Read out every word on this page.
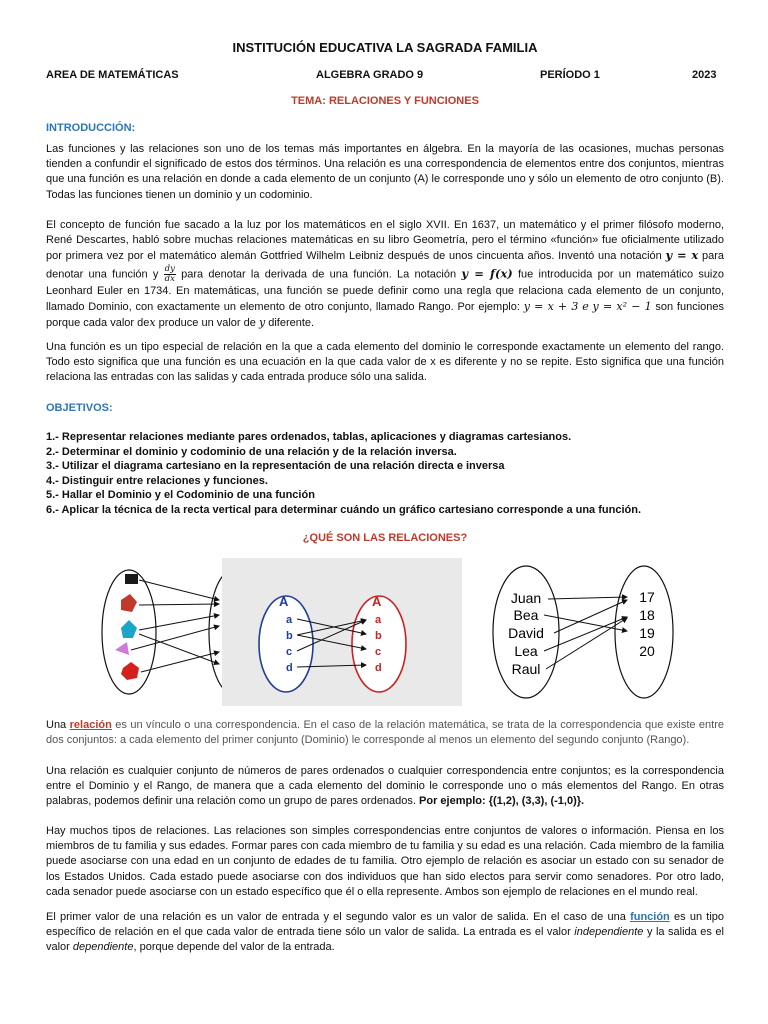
INSTITUCIÓN EDUCATIVA LA SAGRADA FAMILIA
AREA DE MATEMÁTICAS	ALGEBRA GRADO 9	PERÍODO 1	2023
TEMA: RELACIONES Y FUNCIONES
INTRODUCCIÓN:

Las funciones y las relaciones son uno de los temas más importantes en álgebra. En la mayoría de las ocasiones, muchas personas tienden a confundir el significado de estos dos términos. Una relación es una correspondencia de elementos entre dos conjuntos, mientras que una función es una relación en donde a cada elemento de un conjunto (A) le corresponde uno y sólo un elemento de otro conjunto (B). Todas las funciones tienen un dominio y un codominio.

El concepto de función fue sacado a la luz por los matemáticos en el siglo XVII. En 1637, un matemático y el primer filósofo moderno, René Descartes, habló sobre muchas relaciones matemáticas en su libro Geometría, pero el término «función» fue oficialmente utilizado por primera vez por el matemático alemán Gottfried Wilhelm Leibniz después de unos cincuenta años. Inventó una notación y = x para denotar una función y $\frac{dy}{dx}$ para denotar la derivada de una función. La notación y = f(x) fue introducida por un matemático suizo Leonhard Euler en 1734. En matemáticas, una función se puede definir como una regla que relaciona cada elemento de un conjunto, llamado Dominio, con exactamente un elemento de otro conjunto, llamado Rango. Por ejemplo: y = x + 3 e y = x² − 1 son funciones porque cada valor dex produce un valor de y diferente.

Una función es un tipo especial de relación en la que a cada elemento del dominio le corresponde exactamente un elemento del rango. Todo esto significa que una función es una ecuación en la que cada valor de x es diferente y no se repite. Esto significa que una función relaciona las entradas con las salidas y cada entrada produce sólo una salida.

OBJETIVOS:
1.- Representar relaciones mediante pares ordenados, tablas, aplicaciones y diagramas cartesianos.
2.- Determinar el dominio y codominio de una relación y de la relación inversa.
3.- Utilizar el diagrama cartesiano en la representación de una relación directa e inversa
4.- Distinguir entre relaciones y funciones.
5.- Hallar el Dominio y el Codominio de una función
6.- Aplicar la técnica de la recta vertical para determinar cuándo un gráfico cartesiano corresponde a una función.
¿QUÉ SON LAS RELACIONES?
A	A
a
b
c
d
a
b
c
d
Juan
Bea
David
Lea
Raul
17
18
19
20

Una relación es un vínculo o una correspondencia. En el caso de la relación matemática, se trata de la correspondencia que existe entre dos conjuntos: a cada elemento del primer conjunto (Dominio) le corresponde al menos un elemento del segundo conjunto (Rango).

Una relación es cualquier conjunto de números de pares ordenados o cualquier correspondencia entre conjuntos; es la correspondencia entre el Dominio y el Rango, de manera que a cada elemento del dominio le corresponde uno o más elementos del Rango. En otras palabras, podemos definir una relación como un grupo de pares ordenados. Por ejemplo: {(1,2), (3,3), (-1,0)}.

Hay muchos tipos de relaciones. Las relaciones son simples correspondencias entre conjuntos de valores o información. Piensa en los miembros de tu familia y sus edades. Formar pares con cada miembro de tu familia y su edad es una relación. Cada miembro de la familia puede asociarse con una edad en un conjunto de edades de tu familia. Otro ejemplo de relación es asociar un estado con su senador de los Estados Unidos. Cada estado puede asociarse con dos individuos que han sido electos para servir como senadores. Por otro lado, cada senador puede asociarse con un estado específico que él o ella represente. Ambos son ejemplo de relaciones en el mundo real.

El primer valor de una relación es un valor de entrada y el segundo valor es un valor de salida. En el caso de una función es un tipo específico de relación en el que cada valor de entrada tiene sólo un valor de salida. La entrada es el valor independiente y la salida es el valor dependiente, porque depende del valor de la entrada.
